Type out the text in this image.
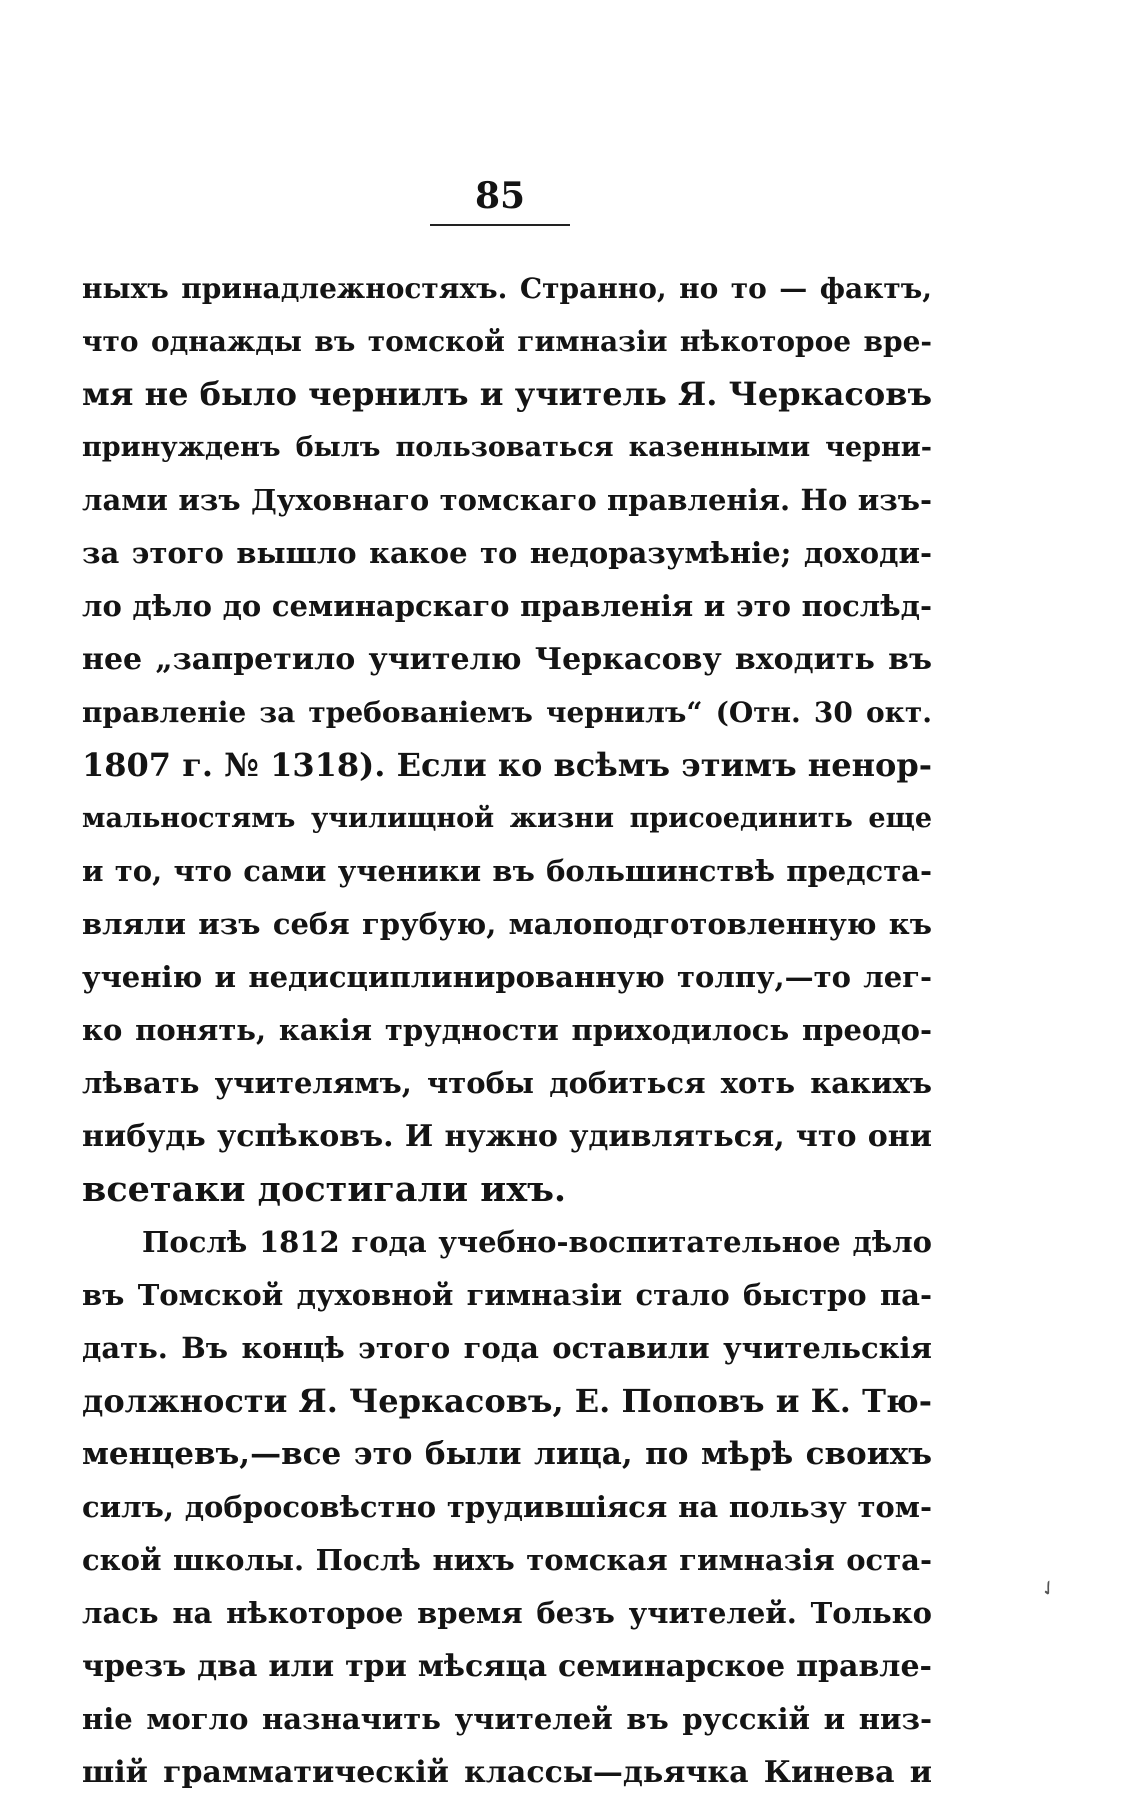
85
ныхъ принадлежностяхъ. Странно, но то — фактъ,
что однажды въ томской гимназіи нѣкоторое вре-
мя не было чернилъ и учитель Я. Черкасовъ
принужденъ былъ пользоваться казенными черни-
лами изъ Духовнаго томскаго правленія. Но изъ-
за этого вышло какое то недоразумѣніе; доходи-
ло дѣло до семинарскаго правленія и это послѣд-
нее „запретило учителю Черкасову входить въ
правленіе за требованіемъ чернилъ“ (Отн. 30 окт.
1807 г. № 1318). Если ко всѣмъ этимъ ненор-
мальностямъ училищной жизни присоединить еще
и то, что сами ученики въ большинствѣ предста-
вляли изъ себя грубую, малоподготовленную къ
ученію и недисциплинированную толпу,—то лег-
ко понять, какія трудности приходилось преодо-
лѣвать учителямъ, чтобы добиться хоть какихъ
нибудь успѣковъ. И нужно удивляться, что они
всетаки достигали ихъ.
Послѣ 1812 года учебно-воспитательное дѣло
въ Томской духовной гимназіи стало быстро па-
дать. Въ концѣ этого года оставили учительскія
должности Я. Черкасовъ, Е. Поповъ и К. Тю-
менцевъ,—все это были лица, по мѣрѣ своихъ
силъ, добросовѣстно трудившіяся на пользу том-
ской школы. Послѣ нихъ томская гимназія оста-
лась на нѣкоторое время безъ учителей. Только
чрезъ два или три мѣсяца семинарское правле-
ніе могло назначить учителей въ русскій и низ-
шій грамматическій классы—дьячка Кинева и
✓
